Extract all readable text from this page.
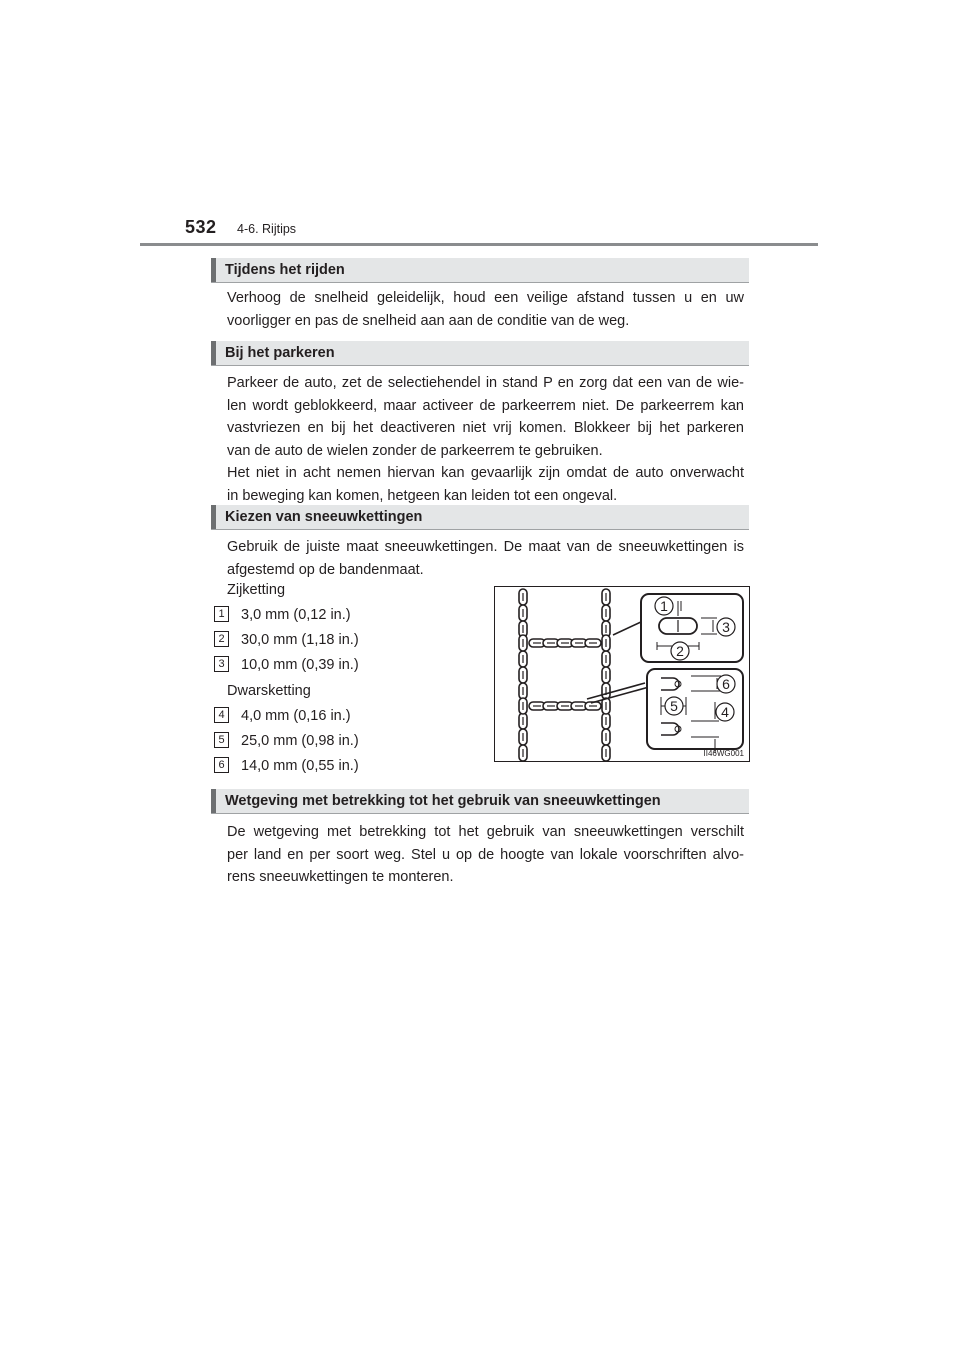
532 4-6. Rijtips
Tijdens het rijden
Verhoog de snelheid geleidelijk, houd een veilige afstand tussen u en uw
voorligger en pas de snelheid aan aan de conditie van de weg.
Bij het parkeren
Parkeer de auto, zet de selectiehendel in stand P en zorg dat een van de wie-
len wordt geblokkeerd, maar activeer de parkeerrem niet. De parkeerrem kan
vastvriezen en bij het deactiveren niet vrij komen. Blokkeer bij het parkeren
van de auto de wielen zonder de parkeerrem te gebruiken.
Het niet in acht nemen hiervan kan gevaarlijk zijn omdat de auto onverwacht
in beweging kan komen, hetgeen kan leiden tot een ongeval.
Kiezen van sneeuwkettingen
Gebruik de juiste maat sneeuwkettingen. De maat van de sneeuwkettingen is
afgestemd op de bandenmaat.
Zijketting
1 3,0 mm (0,12 in.)
2 30,0 mm (1,18 in.)
3 10,0 mm (0,39 in.)
Dwarsketting
4 4,0 mm (0,16 in.)
5 25,0 mm (0,98 in.)
6 14,0 mm (0,55 in.)
1
2
3
4
5
6
II46WG001
Wetgeving met betrekking tot het gebruik van sneeuwkettingen
De wetgeving met betrekking tot het gebruik van sneeuwkettingen verschilt
per land en per soort weg. Stel u op de hoogte van lokale voorschriften alvo-
rens sneeuwkettingen te monteren.
